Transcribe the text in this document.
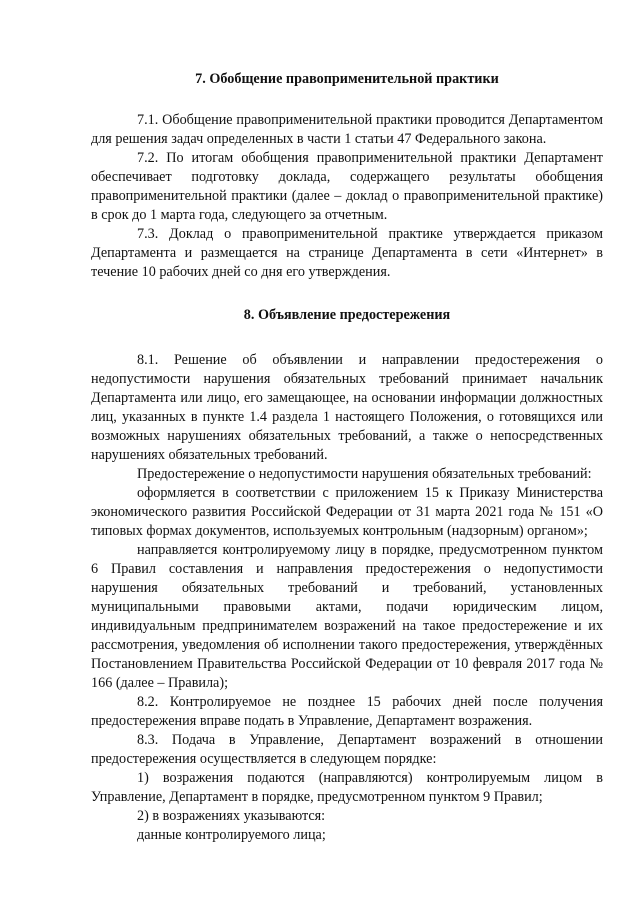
7. Обобщение правоприменительной практики

7.1. Обобщение правоприменительной практики проводится Департаментом для решения задач определенных в части 1 статьи 47 Федерального закона.

7.2. По итогам обобщения правоприменительной практики Департамент обеспечивает подготовку доклада, содержащего результаты обобщения правоприменительной практики (далее – доклад о правоприменительной практике) в срок до 1 марта года, следующего за отчетным.

7.3. Доклад о правоприменительной практике утверждается приказом Департамента и размещается на странице Департамента в сети «Интернет» в течение 10 рабочих дней со дня его утверждения.

8. Объявление предостережения

8.1. Решение об объявлении и направлении предостережения о недопустимости нарушения обязательных требований принимает начальник Департамента или лицо, его замещающее, на основании информации должностных лиц, указанных в пункте 1.4 раздела 1 настоящего Положения, о готовящихся или возможных нарушениях обязательных требований, а также о непосредственных нарушениях обязательных требований.

Предостережение о недопустимости нарушения обязательных требований:

оформляется в соответствии с приложением 15 к Приказу Министерства экономического развития Российской Федерации от 31 марта 2021 года № 151 «О типовых формах документов, используемых контрольным (надзорным) органом»;

направляется контролируемому лицу в порядке, предусмотренном пунктом 6 Правил составления и направления предостережения о недопустимости нарушения обязательных требований и требований, установленных муниципальными правовыми актами, подачи юридическим лицом, индивидуальным предпринимателем возражений на такое предостережение и их рассмотрения, уведомления об исполнении такого предостережения, утверждённых Постановлением Правительства Российской Федерации от 10 февраля 2017 года № 166 (далее – Правила);

8.2. Контролируемое не позднее 15 рабочих дней после получения предостережения вправе подать в Управление, Департамент возражения.

8.3. Подача в Управление, Департамент возражений в отношении предостережения осуществляется в следующем порядке:

1) возражения подаются (направляются) контролируемым лицом в Управление, Департамент в порядке, предусмотренном пунктом 9 Правил;

2) в возражениях указываются:

данные контролируемого лица;
